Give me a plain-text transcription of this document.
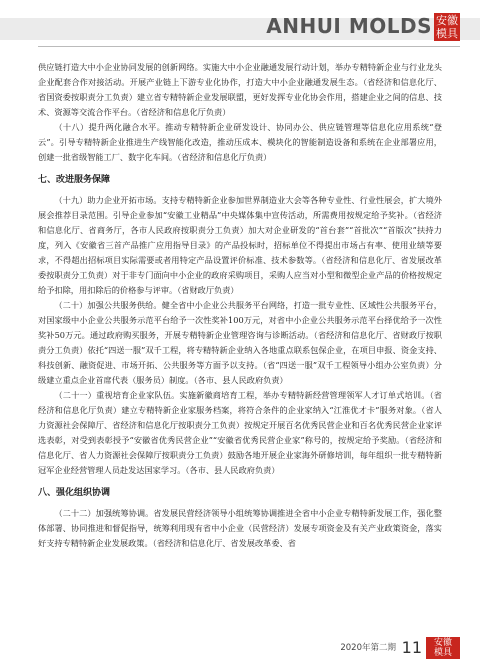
ANHUI MOLDS 安徽
模具

供应链打造大中小企业协同发展的创新网络。实施大中小企业融通发展行动计划，举办专精特新企业与行业龙头企业配套合作对接活动。开展产业链上下游专业化协作，打造大中小企业融通发展生态。（省经济和信息化厅、省国资委按职责分工负责）建立省专精特新企业发展联盟，更好发挥专业化协会作用，搭建企业之间的信息、技术、资源等交流合作平台。（省经济和信息化厅负责）

（十八）提升两化融合水平。推动专精特新企业研发设计、协同办公、供应链管理等信息化应用系统“登云”。引导专精特新企业推进生产线智能化改造，推动压成本、模块化的智能制造设备和系统在企业部署应用，创建一批省级智能工厂、数字化车间。（省经济和信息化厅负责）

七、改进服务保障

（十九）助力企业开拓市场。支持专精特新企业参加世界制造业大会等各种专业性、行业性展会，扩大境外展会推荐目录范围。引导企业参加“安徽工业精品”中央媒体集中宣传活动，所需费用按规定给予奖补。（省经济和信息化厅、省商务厅，各市人民政府按职责分工负责）加大对企业研发的“首台套”“首批次”“首版次”扶持力度，列入《安徽省三首产品推广应用指导目录》的产品投标时，招标单位不得提出市场占有率、使用业绩等要求，不得超出招标项目实际需要或者用特定产品设置评价标准、技术参数等。（省经济和信息化厅、省发展改革委按职责分工负责）对于非专门面向中小企业的政府采购项目，采购人应当对小型和微型企业产品的价格按规定给予扣除，用扣除后的价格参与评审。（省财政厅负责）

（二十）加强公共服务供给。健全省中小企业公共服务平台网络，打造一批专业性、区域性公共服务平台，对国家级中小企业公共服务示范平台给予一次性奖补100万元，对省中小企业公共服务示范平台择优给予一次性奖补50万元。通过政府购买服务，开展专精特新企业管理咨询与诊断活动。（省经济和信息化厅、省财政厅按职责分工负责）依托“四送一服”双千工程，将专精特新企业纳入各地重点联系包保企业，在项目申报、资金支持、科技创新、融资促进、市场开拓、公共服务等方面予以支持。（省“四送一服”双千工程领导小组办公室负责）分级建立重点企业首席代表（服务员）制度。（各市、县人民政府负责）

（二十一）重视培育企业家队伍。实施新徽商培育工程，举办专精特新经营管理领军人才订单式培训。（省经济和信息化厅负责）建立专精特新企业家服务档案，将符合条件的企业家纳入“江淮优才卡”服务对象。（省人力资源社会保障厅、省经济和信息化厅按职责分工负责）按规定开展百名优秀民营企业和百名优秀民营企业家评选表彰，对受到表彰授予“安徽省优秀民营企业”“安徽省优秀民营企业家”称号的，按规定给予奖励。（省经济和信息化厅、省人力资源社会保障厅按职责分工负责）鼓励各地开展企业家海外研修培训，每年组织一批专精特新冠军企业经营管理人员赴发达国家学习。（各市、县人民政府负责）

八、强化组织协调

（二十二）加强统筹协调。省发展民营经济领导小组统筹协调推进全省中小企业专精特新发展工作，强化整体部署、协同推进和督促指导，统筹利用现有省中小企业（民营经济）发展专项资金及有关产业政策资金，落实好支持专精特新企业发展政策。（省经济和信息化厅、省发展改革委、省

2020年第二期 11	安徽
模具
